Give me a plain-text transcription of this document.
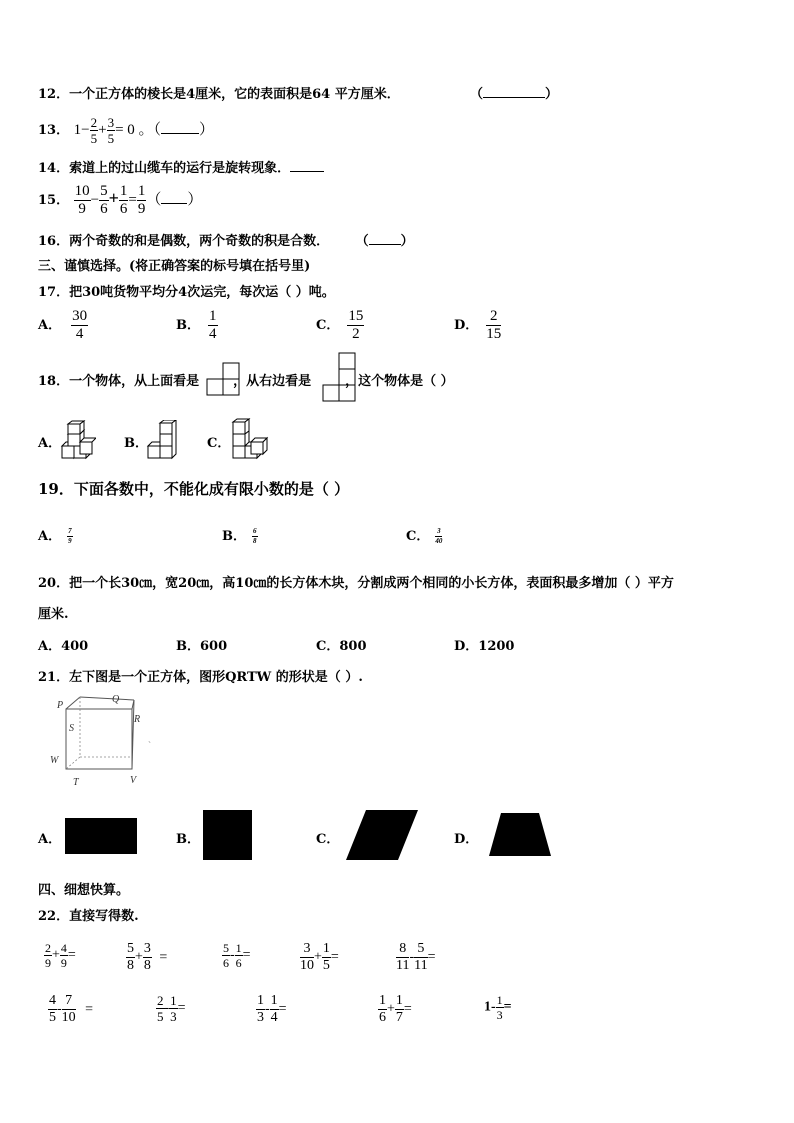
12．一个正方体的棱长是4厘米，它的表面积是64 平方厘米．	（	）
13． $1- \frac{2}{5} + \frac{3}{5} = 0$ 。（	）
14．索道上的过山缆车的运行是旋转现象．
15． $\frac{10}{9} - \frac{5}{6} + \frac{1}{6} = \frac{1}{9}$ （ ）
16．两个奇数的和是偶数，两个奇数的积是合数． （ ）
三、谨慎选择。(将正确答案的标号填在括号里)
17．把30吨货物平均分4次运完，每次运（ ）吨。
A． $\frac{30}{4}$	B． $\frac{1}{4}$	C． $\frac{15}{2}$	D． $\frac{2}{15}$
18．一个物体，从上面看是	，从右边看是	，这个物体是（ ）
A．	B．	C．
19．下面各数中，不能化成有限小数的是（ ）
A． $\frac{7}{9}$	B． $\frac{6}{8}$	C． $\frac{3}{40}$
20．把一个长30㎝，宽20㎝，高10㎝的长方体木块，分割成两个相同的小长方体，表面积最多增加（ ）平方
厘米.
A．400	B．600	C．800	D．1200
21．左下图是一个正方体，图形QRTW 的形状是（ ）.
P
Q
R
S
W
T	V
、
A．	B．	C．	D．
四、细想快算。
22．直接写得数.
$\frac{2}{9} + \frac{4}{9}$ =	$\frac{5}{8} + \frac{3}{8}$ =	$\frac{5}{6} - \frac{1}{6}$ =	$\frac{3}{10} + \frac{1}{5}$ =	$\frac{8}{11} - \frac{5}{11}$ =
$\frac{4}{5} - \frac{7}{10}$ =	$\frac{2}{5} - \frac{1}{3}$ =	$\frac{1}{3} - \frac{1}{4}$ =	$\frac{1}{6} + \frac{1}{7}$ =	$1- \frac{1}{3}$ =
